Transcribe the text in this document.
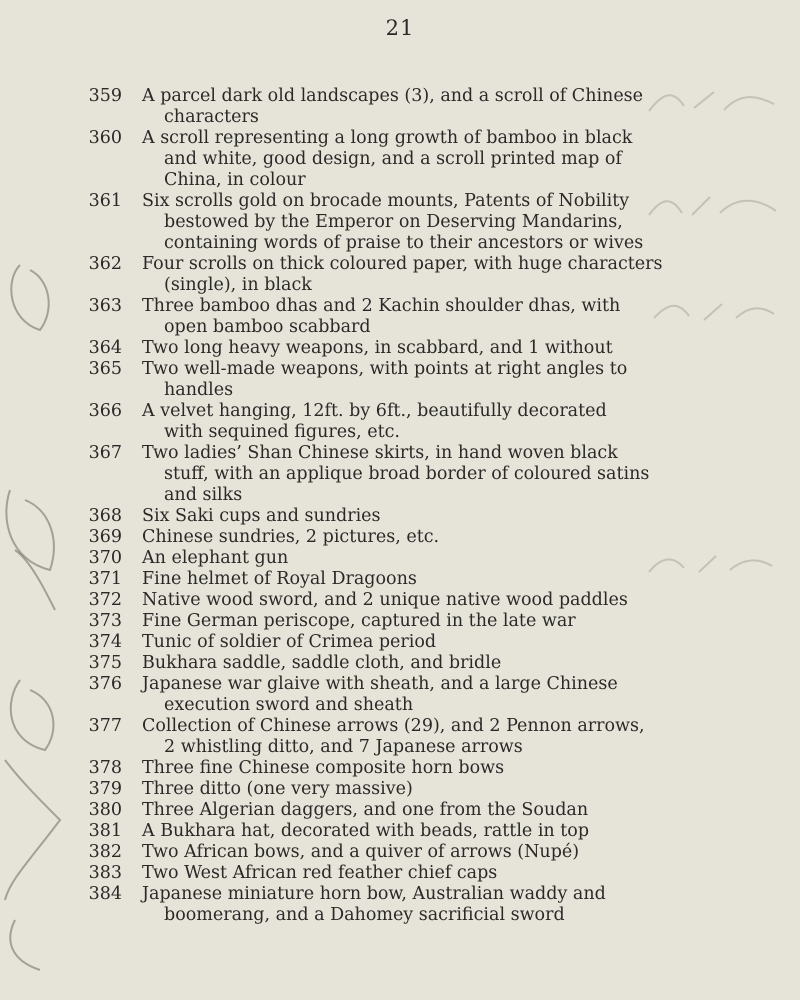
21
359 A parcel dark old landscapes (3), and a scroll of Chinese
characters
360 A scroll representing a long growth of bamboo in black
and white, good design, and a scroll printed map of
China, in colour
361 Six scrolls gold on brocade mounts, Patents of Nobility
bestowed by the Emperor on Deserving Mandarins,
containing words of praise to their ancestors or wives
362 Four scrolls on thick coloured paper, with huge characters
(single), in black
363 Three bamboo dhas and 2 Kachin shoulder dhas, with
open bamboo scabbard
364 Two long heavy weapons, in scabbard, and 1 without
365 Two well-made weapons, with points at right angles to
handles
366 A velvet hanging, 12ft. by 6ft., beautifully decorated
with sequined figures, etc.
367 Two ladies’ Shan Chinese skirts, in hand woven black
stuff, with an applique broad border of coloured satins
and silks
368 Six Saki cups and sundries
369 Chinese sundries, 2 pictures, etc.
370 An elephant gun
371 Fine helmet of Royal Dragoons
372 Native wood sword, and 2 unique native wood paddles
373 Fine German periscope, captured in the late war
374 Tunic of soldier of Crimea period
375 Bukhara saddle, saddle cloth, and bridle
376 Japanese war glaive with sheath, and a large Chinese
execution sword and sheath
377 Collection of Chinese arrows (29), and 2 Pennon arrows,
2 whistling ditto, and 7 Japanese arrows
378 Three fine Chinese composite horn bows
379 Three ditto (one very massive)
380 Three Algerian daggers, and one from the Soudan
381 A Bukhara hat, decorated with beads, rattle in top
382 Two African bows, and a quiver of arrows (Nupé)
383 Two West African red feather chief caps
384 Japanese miniature horn bow, Australian waddy and
boomerang, and a Dahomey sacrificial sword
